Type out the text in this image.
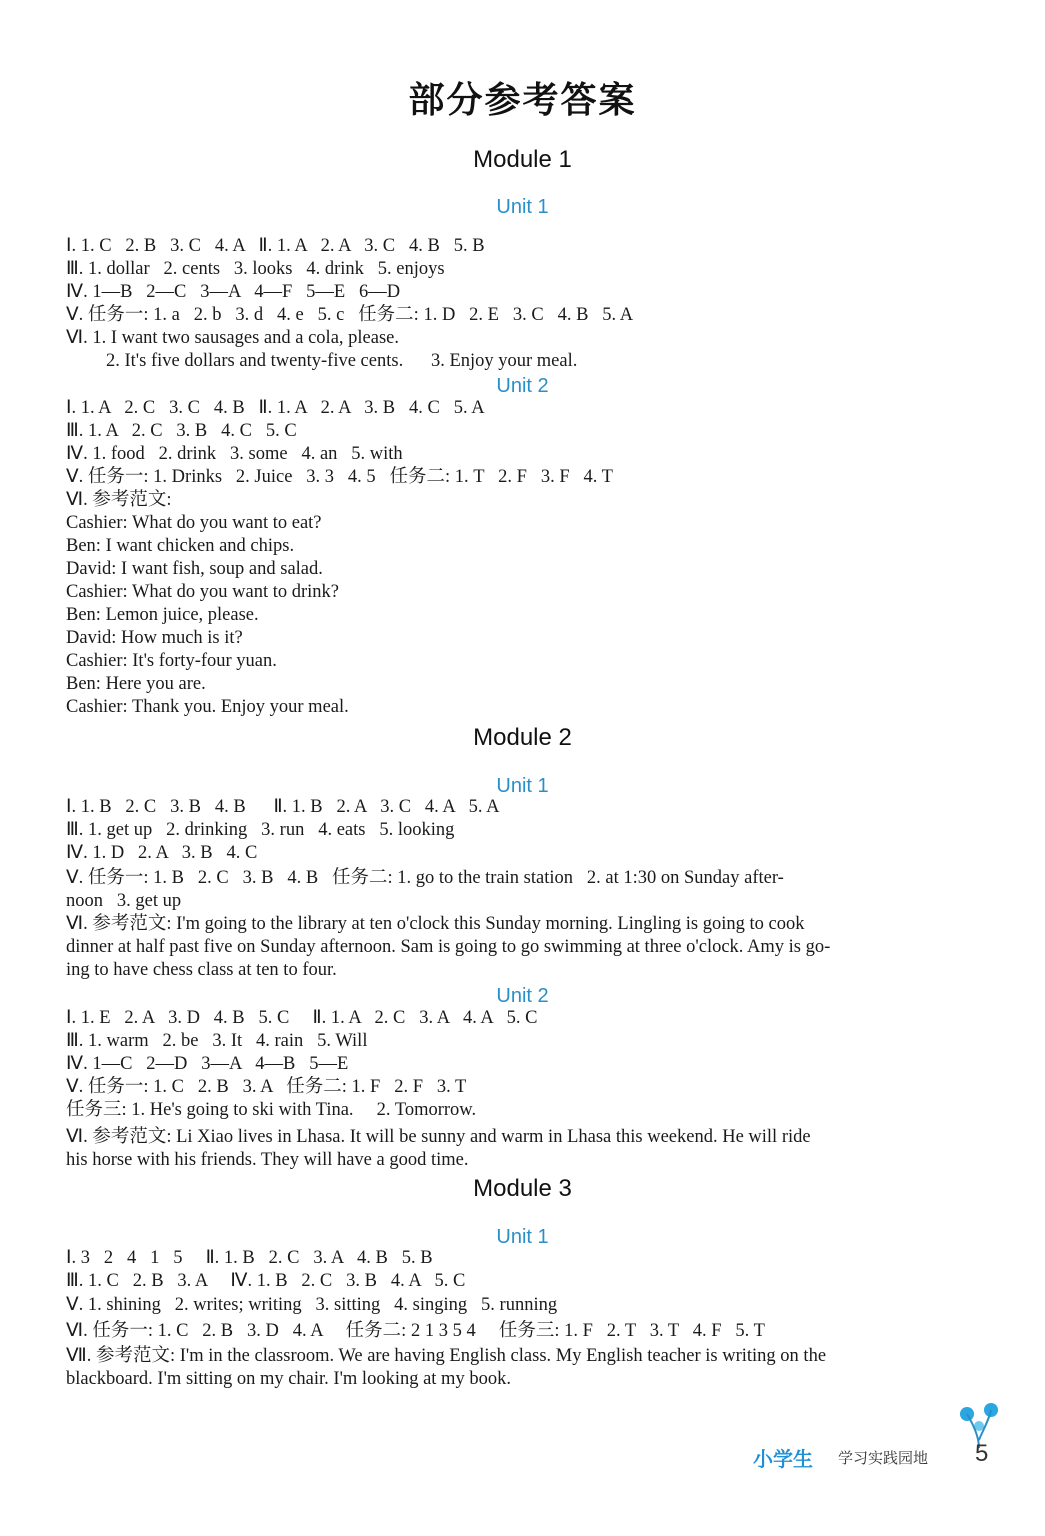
部分参考答案
Module 1
Unit 1
Ⅰ. 1. C   2. B   3. C   4. A   Ⅱ. 1. A   2. A   3. C   4. B   5. B
Ⅲ. 1. dollar   2. cents   3. looks   4. drink   5. enjoys
Ⅳ. 1—B   2—C   3—A   4—F   5—E   6—D
Ⅴ. 任务一: 1. a   2. b   3. d   4. e   5. c   任务二: 1. D   2. E   3. C   4. B   5. A
Ⅵ. 1. I want two sausages and a cola, please.
2. It's five dollars and twenty-five cents.      3. Enjoy your meal.
Unit 2
Ⅰ. 1. A   2. C   3. C   4. B   Ⅱ. 1. A   2. A   3. B   4. C   5. A
Ⅲ. 1. A   2. C   3. B   4. C   5. C
Ⅳ. 1. food   2. drink   3. some   4. an   5. with
Ⅴ. 任务一: 1. Drinks   2. Juice   3. 3   4. 5   任务二: 1. T   2. F   3. F   4. T
Ⅵ. 参考范文:
Cashier: What do you want to eat?
Ben: I want chicken and chips.
David: I want fish, soup and salad.
Cashier: What do you want to drink?
Ben: Lemon juice, please.
David: How much is it?
Cashier: It's forty-four yuan.
Ben: Here you are.
Cashier: Thank you. Enjoy your meal.
Module 2
Unit 1
Ⅰ. 1. B   2. C   3. B   4. B      Ⅱ. 1. B   2. A   3. C   4. A   5. A
Ⅲ. 1. get up   2. drinking   3. run   4. eats   5. looking
Ⅳ. 1. D   2. A   3. B   4. C
Ⅴ. 任务一: 1. B   2. C   3. B   4. B   任务二: 1. go to the train station   2. at 1:30 on Sunday after-
noon   3. get up
Ⅵ. 参考范文: I'm going to the library at ten o'clock this Sunday morning. Lingling is going to cook
dinner at half past five on Sunday afternoon. Sam is going to go swimming at three o'clock. Amy is go-
ing to have chess class at ten to four.
Unit 2
Ⅰ. 1. E   2. A   3. D   4. B   5. C     Ⅱ. 1. A   2. C   3. A   4. A   5. C
Ⅲ. 1. warm   2. be   3. It   4. rain   5. Will
Ⅳ. 1—C   2—D   3—A   4—B   5—E
Ⅴ. 任务一: 1. C   2. B   3. A   任务二: 1. F   2. F   3. T
任务三: 1. He's going to ski with Tina.     2. Tomorrow.
Ⅵ. 参考范文: Li Xiao lives in Lhasa. It will be sunny and warm in Lhasa this weekend. He will ride
his horse with his friends. They will have a good time.
Module 3
Unit 1
Ⅰ. 3   2   4   1   5     Ⅱ. 1. B   2. C   3. A   4. B   5. B
Ⅲ. 1. C   2. B   3. A     Ⅳ. 1. B   2. C   3. B   4. A   5. C
Ⅴ. 1. shining   2. writes; writing   3. sitting   4. singing   5. running
Ⅵ. 任务一: 1. C   2. B   3. D   4. A     任务二: 2 1 3 5 4     任务三: 1. F   2. T   3. T   4. F   5. T
Ⅶ. 参考范文: I'm in the classroom. We are having English class. My English teacher is writing on the
blackboard. I'm sitting on my chair. I'm looking at my book.
小学生 学习实践园地 5
